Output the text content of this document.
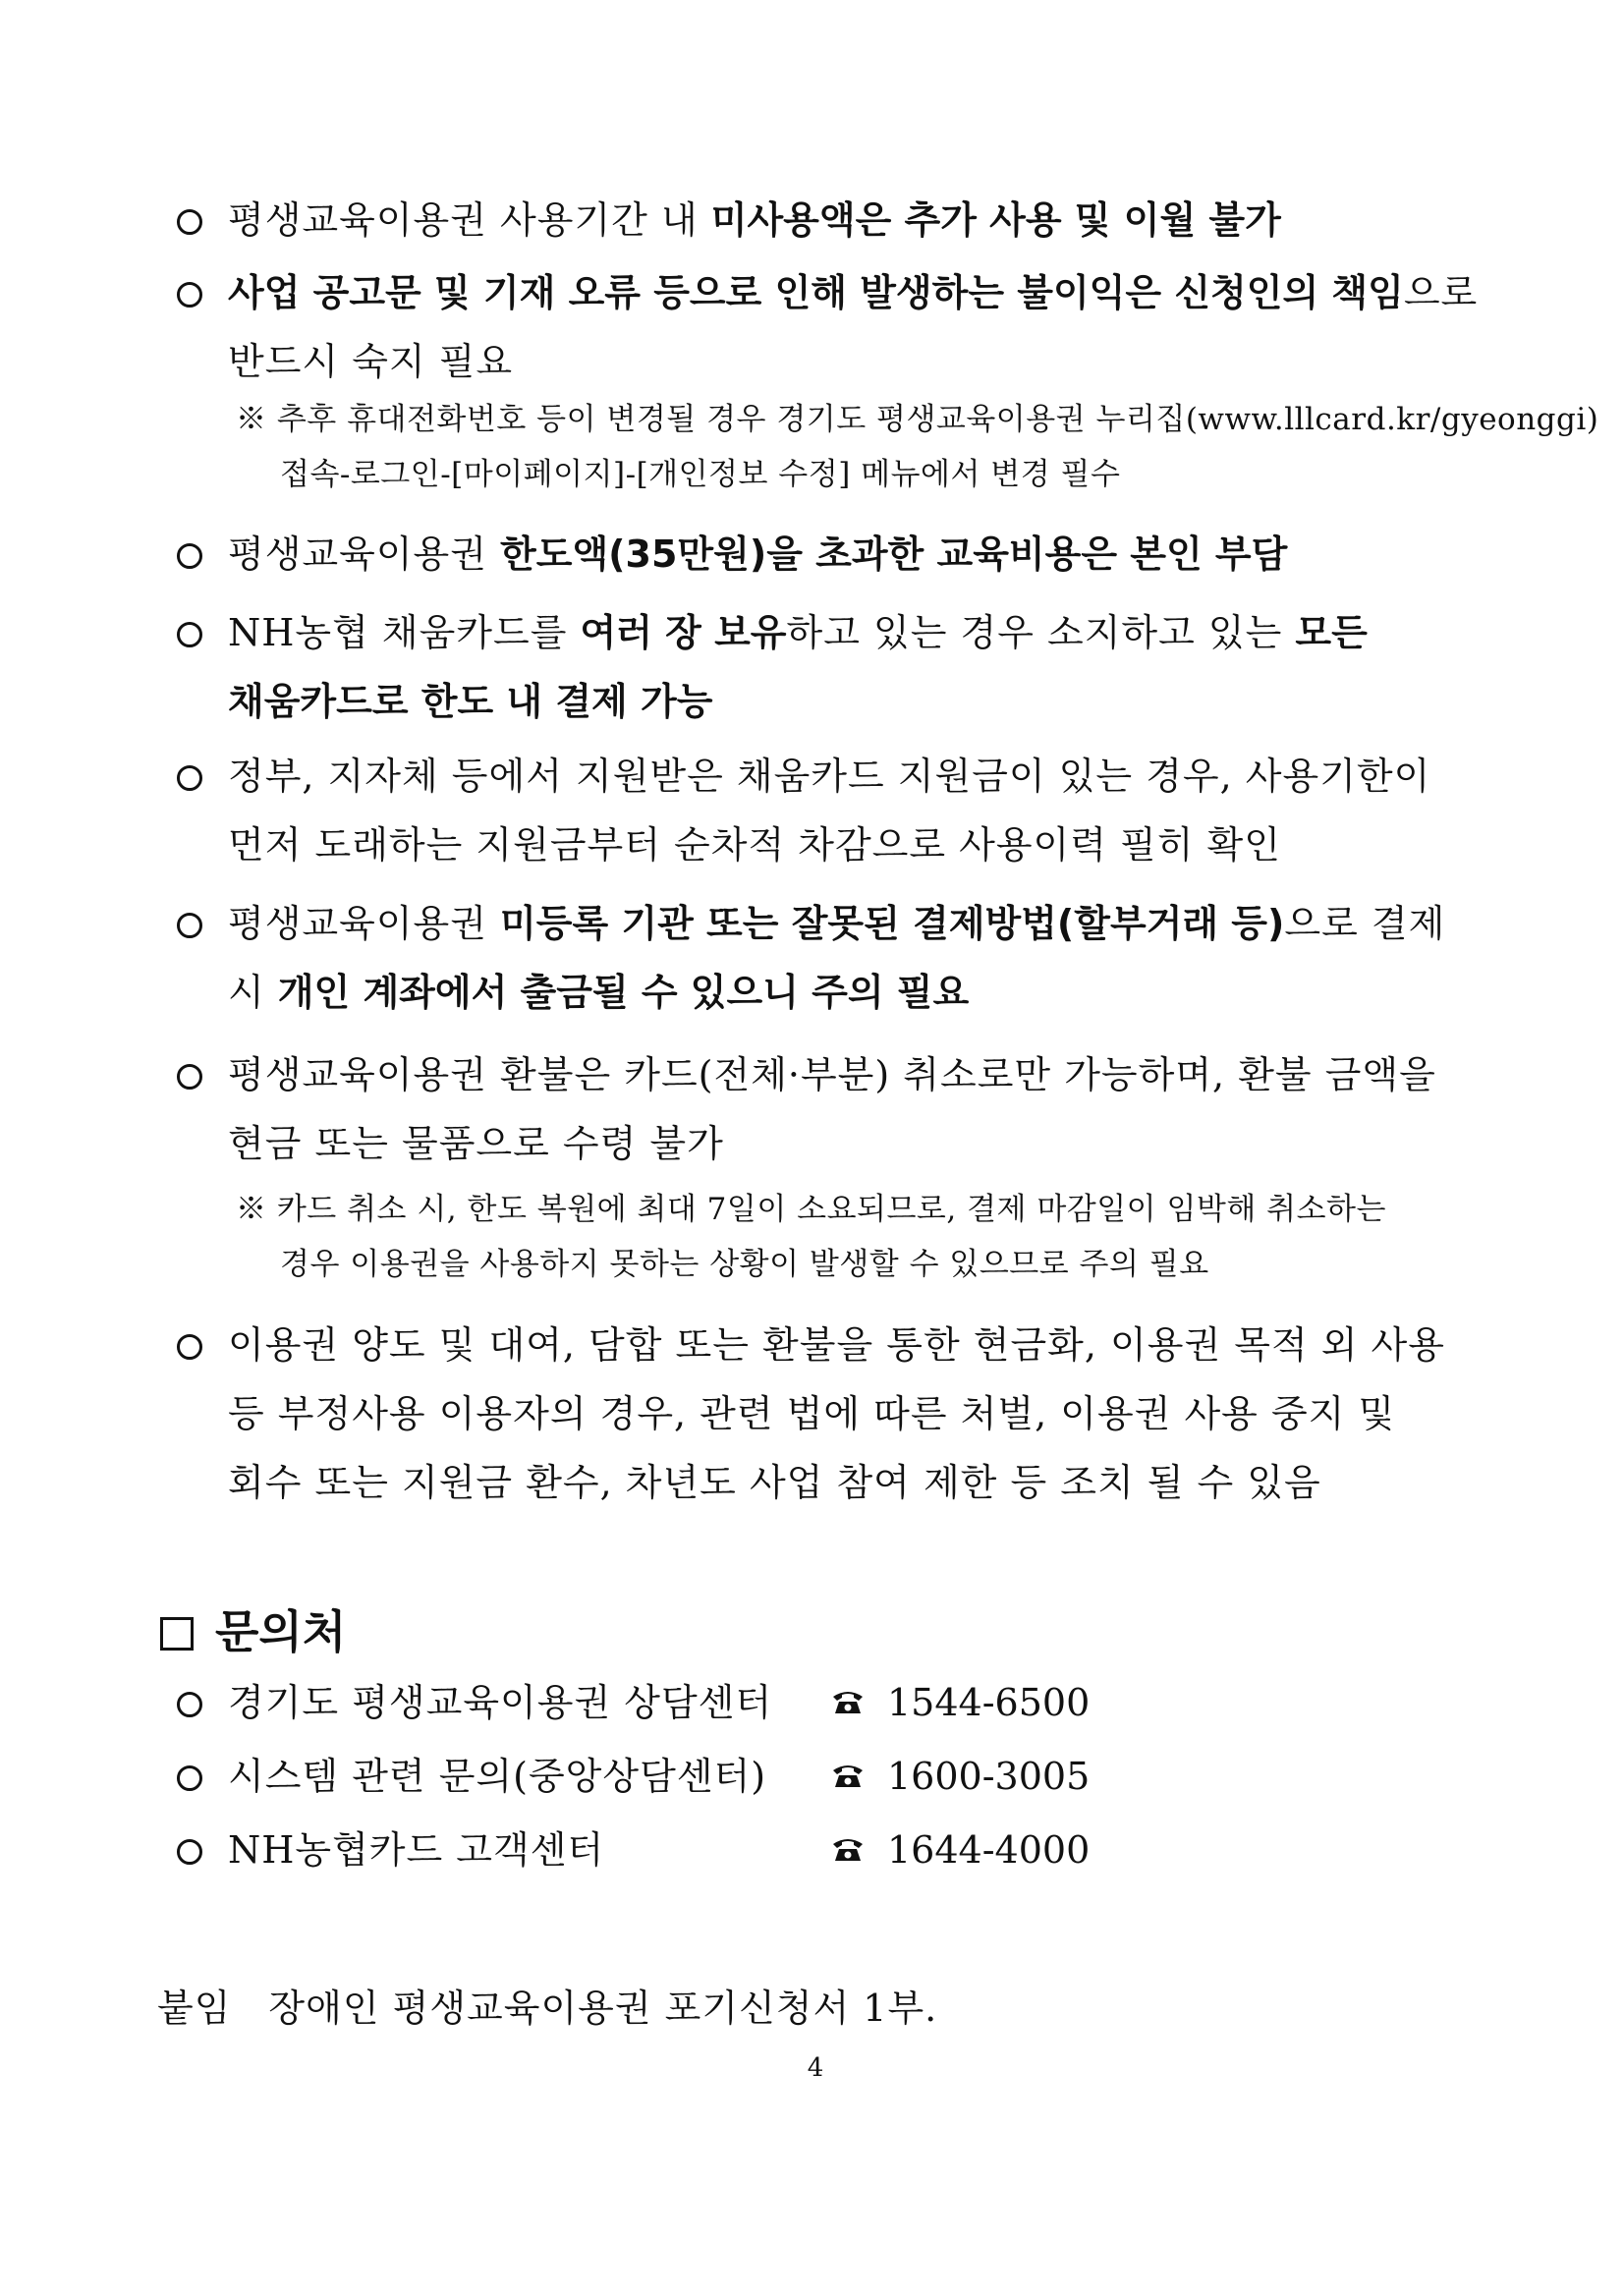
평생교육이용권 사용기간 내 미사용액은 추가 사용 및 이월 불가
사업 공고문 및 기재 오류 등으로 인해 발생하는 불이익은 신청인의 책임으로
반드시 숙지 필요
※ 추후 휴대전화번호 등이 변경될 경우 경기도 평생교육이용권 누리집(www.lllcard.kr/gyeonggi)
접속-로그인-[마이페이지]-[개인정보 수정] 메뉴에서 변경 필수
평생교육이용권 한도액(35만원)을 초과한 교육비용은 본인 부담
NH농협 채움카드를 여러 장 보유하고 있는 경우 소지하고 있는 모든
채움카드로 한도 내 결제 가능
정부, 지자체 등에서 지원받은 채움카드 지원금이 있는 경우, 사용기한이
먼저 도래하는 지원금부터 순차적 차감으로 사용이력 필히 확인
평생교육이용권 미등록 기관 또는 잘못된 결제방법(할부거래 등)으로 결제
시 개인 계좌에서 출금될 수 있으니 주의 필요
평생교육이용권 환불은 카드(전체·부분) 취소로만 가능하며, 환불 금액을
현금 또는 물품으로 수령 불가
※ 카드 취소 시, 한도 복원에 최대 7일이 소요되므로, 결제 마감일이 임박해 취소하는
경우 이용권을 사용하지 못하는 상황이 발생할 수 있으므로 주의 필요
이용권 양도 및 대여, 담합 또는 환불을 통한 현금화, 이용권 목적 외 사용
등 부정사용 이용자의 경우, 관련 법에 따른 처벌, 이용권 사용 중지 및
회수 또는 지원금 환수, 차년도 사업 참여 제한 등 조치 될 수 있음
문의처
경기도 평생교육이용권 상담센터	1544-6500
시스템 관련 문의(중앙상담센터)	1600-3005
NH농협카드 고객센터	1644-4000
붙임 장애인 평생교육이용권 포기신청서 1부.
4
